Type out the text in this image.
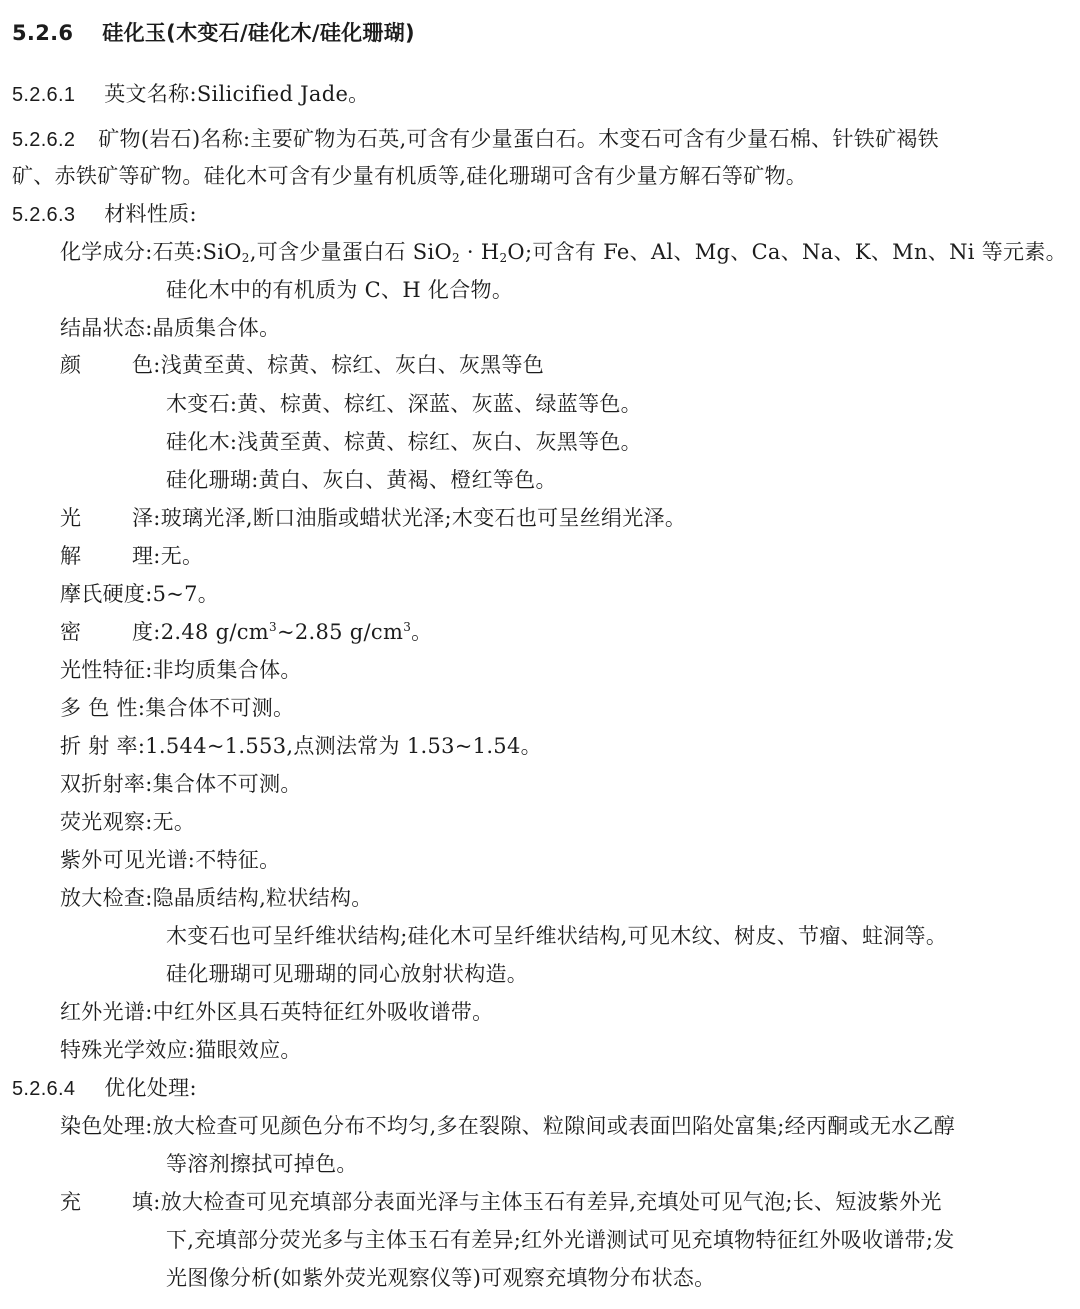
5.2.6 硅化玉(木变石/硅化木/硅化珊瑚)
5.2.6.1 英文名称:Silicified Jade。
5.2.6.2 矿物(岩石)名称:主要矿物为石英,可含有少量蛋白石。木变石可含有少量石棉、针铁矿褐铁
矿、赤铁矿等矿物。硅化木可含有少量有机质等,硅化珊瑚可含有少量方解石等矿物。
5.2.6.3 材料性质:
化学成分:石英:SiO$_2$,可含少量蛋白石 $SiO_2 \cdot H_2O$;可含有 Fe、Al、Mg、Ca、Na、K、Mn、Ni 等元素。
硅化木中的有机质为 C、H 化合物。
结晶状态:晶质集合体。
颜 色:浅黄至黄、棕黄、棕红、灰白、灰黑等色
木变石:黄、棕黄、棕红、深蓝、灰蓝、绿蓝等色。
硅化木:浅黄至黄、棕黄、棕红、灰白、灰黑等色。
硅化珊瑚:黄白、灰白、黄褐、橙红等色。
光 泽:玻璃光泽,断口油脂或蜡状光泽;木变石也可呈丝绢光泽。
解 理:无。
摩氏硬度:5~7。
密 度:2.48 $g/cm^3\sim 2.85$ $g/cm^3$。
光性特征:非均质集合体。
多 色 性:集合体不可测。
折 射 率:1.544~1.553,点测法常为 1.53~1.54。
双折射率:集合体不可测。
荧光观察:无。
紫外可见光谱:不特征。
放大检查:隐晶质结构,粒状结构。
木变石也可呈纤维状结构;硅化木可呈纤维状结构,可见木纹、树皮、节瘤、蛀洞等。
硅化珊瑚可见珊瑚的同心放射状构造。
红外光谱:中红外区具石英特征红外吸收谱带。
特殊光学效应:猫眼效应。
5.2.6.4 优化处理:
染色处理:放大检查可见颜色分布不均匀,多在裂隙、粒隙间或表面凹陷处富集;经丙酮或无水乙醇
等溶剂擦拭可掉色。
充 填:放大检查可见充填部分表面光泽与主体玉石有差异,充填处可见气泡;长、短波紫外光
下,充填部分荧光多与主体玉石有差异;红外光谱测试可见充填物特征红外吸收谱带;发
光图像分析(如紫外荧光观察仪等)可观察充填物分布状态。
